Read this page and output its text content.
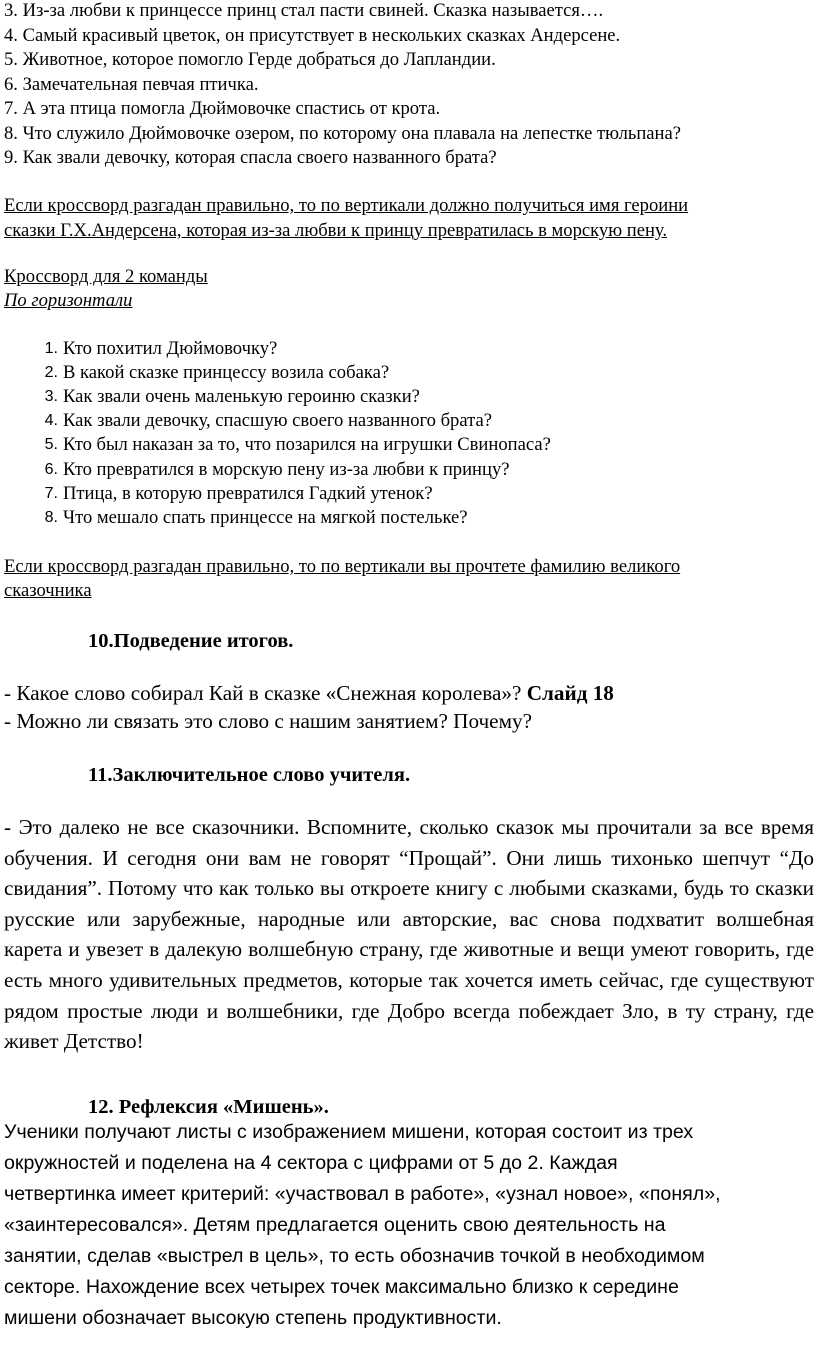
3. Из-за любви к принцессе принц стал пасти свиней. Сказка называется….
4. Самый красивый цветок, он присутствует в нескольких сказках Андерсене.
5. Животное, которое помогло Герде добраться до Лапландии.
6. Замечательная певчая птичка.
7. А эта птица помогла Дюймовочке спастись от крота.
8. Что служило Дюймовочке озером, по которому она плавала на лепестке тюльпана?
9. Как звали девочку, которая спасла своего названного брата?
Если кроссворд разгадан правильно, то по вертикали должно получиться имя героини
сказки Г.Х.Андерсена, которая из-за любви к принцу превратилась в морскую пену.
Кроссворд для 2 команды
По горизонтали
1. Кто похитил Дюймовочку?
2. В какой сказке принцессу возила собака?
3. Как звали очень маленькую героиню сказки?
4. Как звали девочку, спасшую своего названного брата?
5. Кто был наказан за то, что позарился на игрушки Свинопаса?
6. Кто превратился в морскую пену из-за любви к принцу?
7. Птица, в которую превратился Гадкий утенок?
8. Что мешало спать принцессе на мягкой постельке?
Если кроссворд разгадан правильно, то по вертикали вы прочтете фамилию великого
сказочника
10.Подведение итогов.
- Какое слово собирал Кай в сказке «Снежная королева»? Слайд 18
- Можно ли связать это слово с нашим занятием? Почему?
11.Заключительное слово учителя.

- Это далеко не все сказочники. Вспомните, сколько сказок мы прочитали за все время обучения. И сегодня они вам не говорят “Прощай”. Они лишь тихонько шепчут “До свидания”. Потому что как только вы откроете книгу с любыми сказками, будь то сказки русские или зарубежные, народные или авторские, вас снова подхватит волшебная карета и увезет в далекую волшебную страну, где животные и вещи умеют говорить, где есть много удивительных предметов, которые так хочется иметь сейчас, где существуют рядом простые люди и волшебники, где Добро всегда побеждает Зло, в ту страну, где живет Детство!

12. Рефлексия «Мишень».
Ученики получают листы с изображением мишени, которая состоит из трех
окружностей и поделена на 4 сектора с цифрами от 5 до 2. Каждая
четвертинка имеет критерий: «участвовал в работе», «узнал новое», «понял»,
«заинтересовался». Детям предлагается оценить свою деятельность на
занятии, сделав «выстрел в цель», то есть обозначив точкой в необходимом
секторе. Нахождение всех четырех точек максимально близко к середине
мишени обозначает высокую степень продуктивности.
